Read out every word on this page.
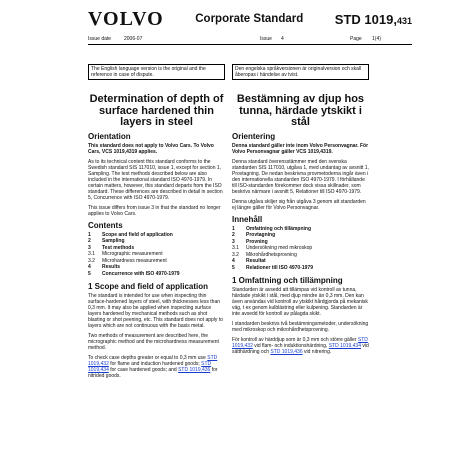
VOLVO	Corporate Standard STD 1019,431
Issue date	2006-07	Issue 4	Page 1(4)
The English language version is the original and the reference in case of dispute.
Den engelska språkversionen är originalversion och skall åberopas i händelse av tvist.
Determination of depth of surface hardened thin layers in steel
Orientation

This standard does not apply to Volvo Cars. To Volvo Cars, VCS 1019,4319 applies.

As to its technical content this standard conforms to the Swedish standard SIS 117010, issue 1, except for section 1, Sampling. The test methods described below are also included in the international standard ISO 4970-1979. In certain matters, however, this standard departs from the ISO standard. These differences are described in detail in section 5, Concurrence with ISO 4970-1979.

This issue differs from issue 3 in that the standard no longer applies to Volvo Cars.

Contents
1	Scope and field of application
2	Sampling
3	Test methods
3.1	Micrographic measurement
3.2	Microhardness measurement
4	Results
5	Concurrence with ISO 4970-1979
1 Scope and field of application

The standard is intended for use when inspecting thin surface-hardened layers of steel, with thicknesses less than 0,3 mm. It may also be applied when inspecting surface layers hardened by mechanical methods such as shot blasting or shot peening, etc. This standard does not apply to layers which are not continuous with the basis metal.

Two methods of measurement are described here, the micrographic method and the microhardness measurement method.

To check case depths greater or equal to 0,3 mm use STD 1019,432 for flame and induction hardened goods; STD 1019,434 for case hardened goods; and STD 1019,436 for nitrided goods.

Bestämning av djup hos tunna, härdade ytskikt i stål
Orientering

Denna standard gäller inte inom Volvo Personvagnar. För Volvo Personvagnar gäller VCS 1019,4319.

Denna standard överensstämmer med den svenska standarden SIS 117010, utgåva 1, med undantag av avsnitt 1, Provtagning. De nedan beskrivna provmetoderna ingår även i den internationella standarden ISO 4970-1979. I förhållande till ISO-standarden förekommer dock vissa skillnader, som beskrivs närmare i avsnitt 5, Relationer till ISO 4970-1979.

Denna utgåva skiljer sig från utgåva 3 genom att standarden ej längre gäller för Volvo Personvagnar.

Innehåll
1	Omfattning och tillämpning
2	Provtagning
3	Provning
3.1	Undersökning med mikroskop
3.2	Mikrohårdhetsprovning
4	Resultat
5	Relationer till ISO 4970-1979
1 Omfattning och tillämpning

Standarden är avsedd att tillämpas vid kontroll av tunna, härdade ytskikt i stål, med djup mindre än 0,3 mm. Den kan även användas vid kontroll av ytskikt hårdgjorda på mekanisk väg, t ex genom kulblästring eller kulpening. Standarden är inte avsedd för kontroll av pålagda skikt.

I standarden beskrivs två bestämningsmetoder, undersökning med mikroskop och mikrohårdhetsprovning.

För kontroll av härddjup som är 0,3 mm och större gäller STD 1019,432 vid flam- och induktionshärdning, STD 1019,434 vid sätthärdning och STD 1019,436 vid nitrering.
